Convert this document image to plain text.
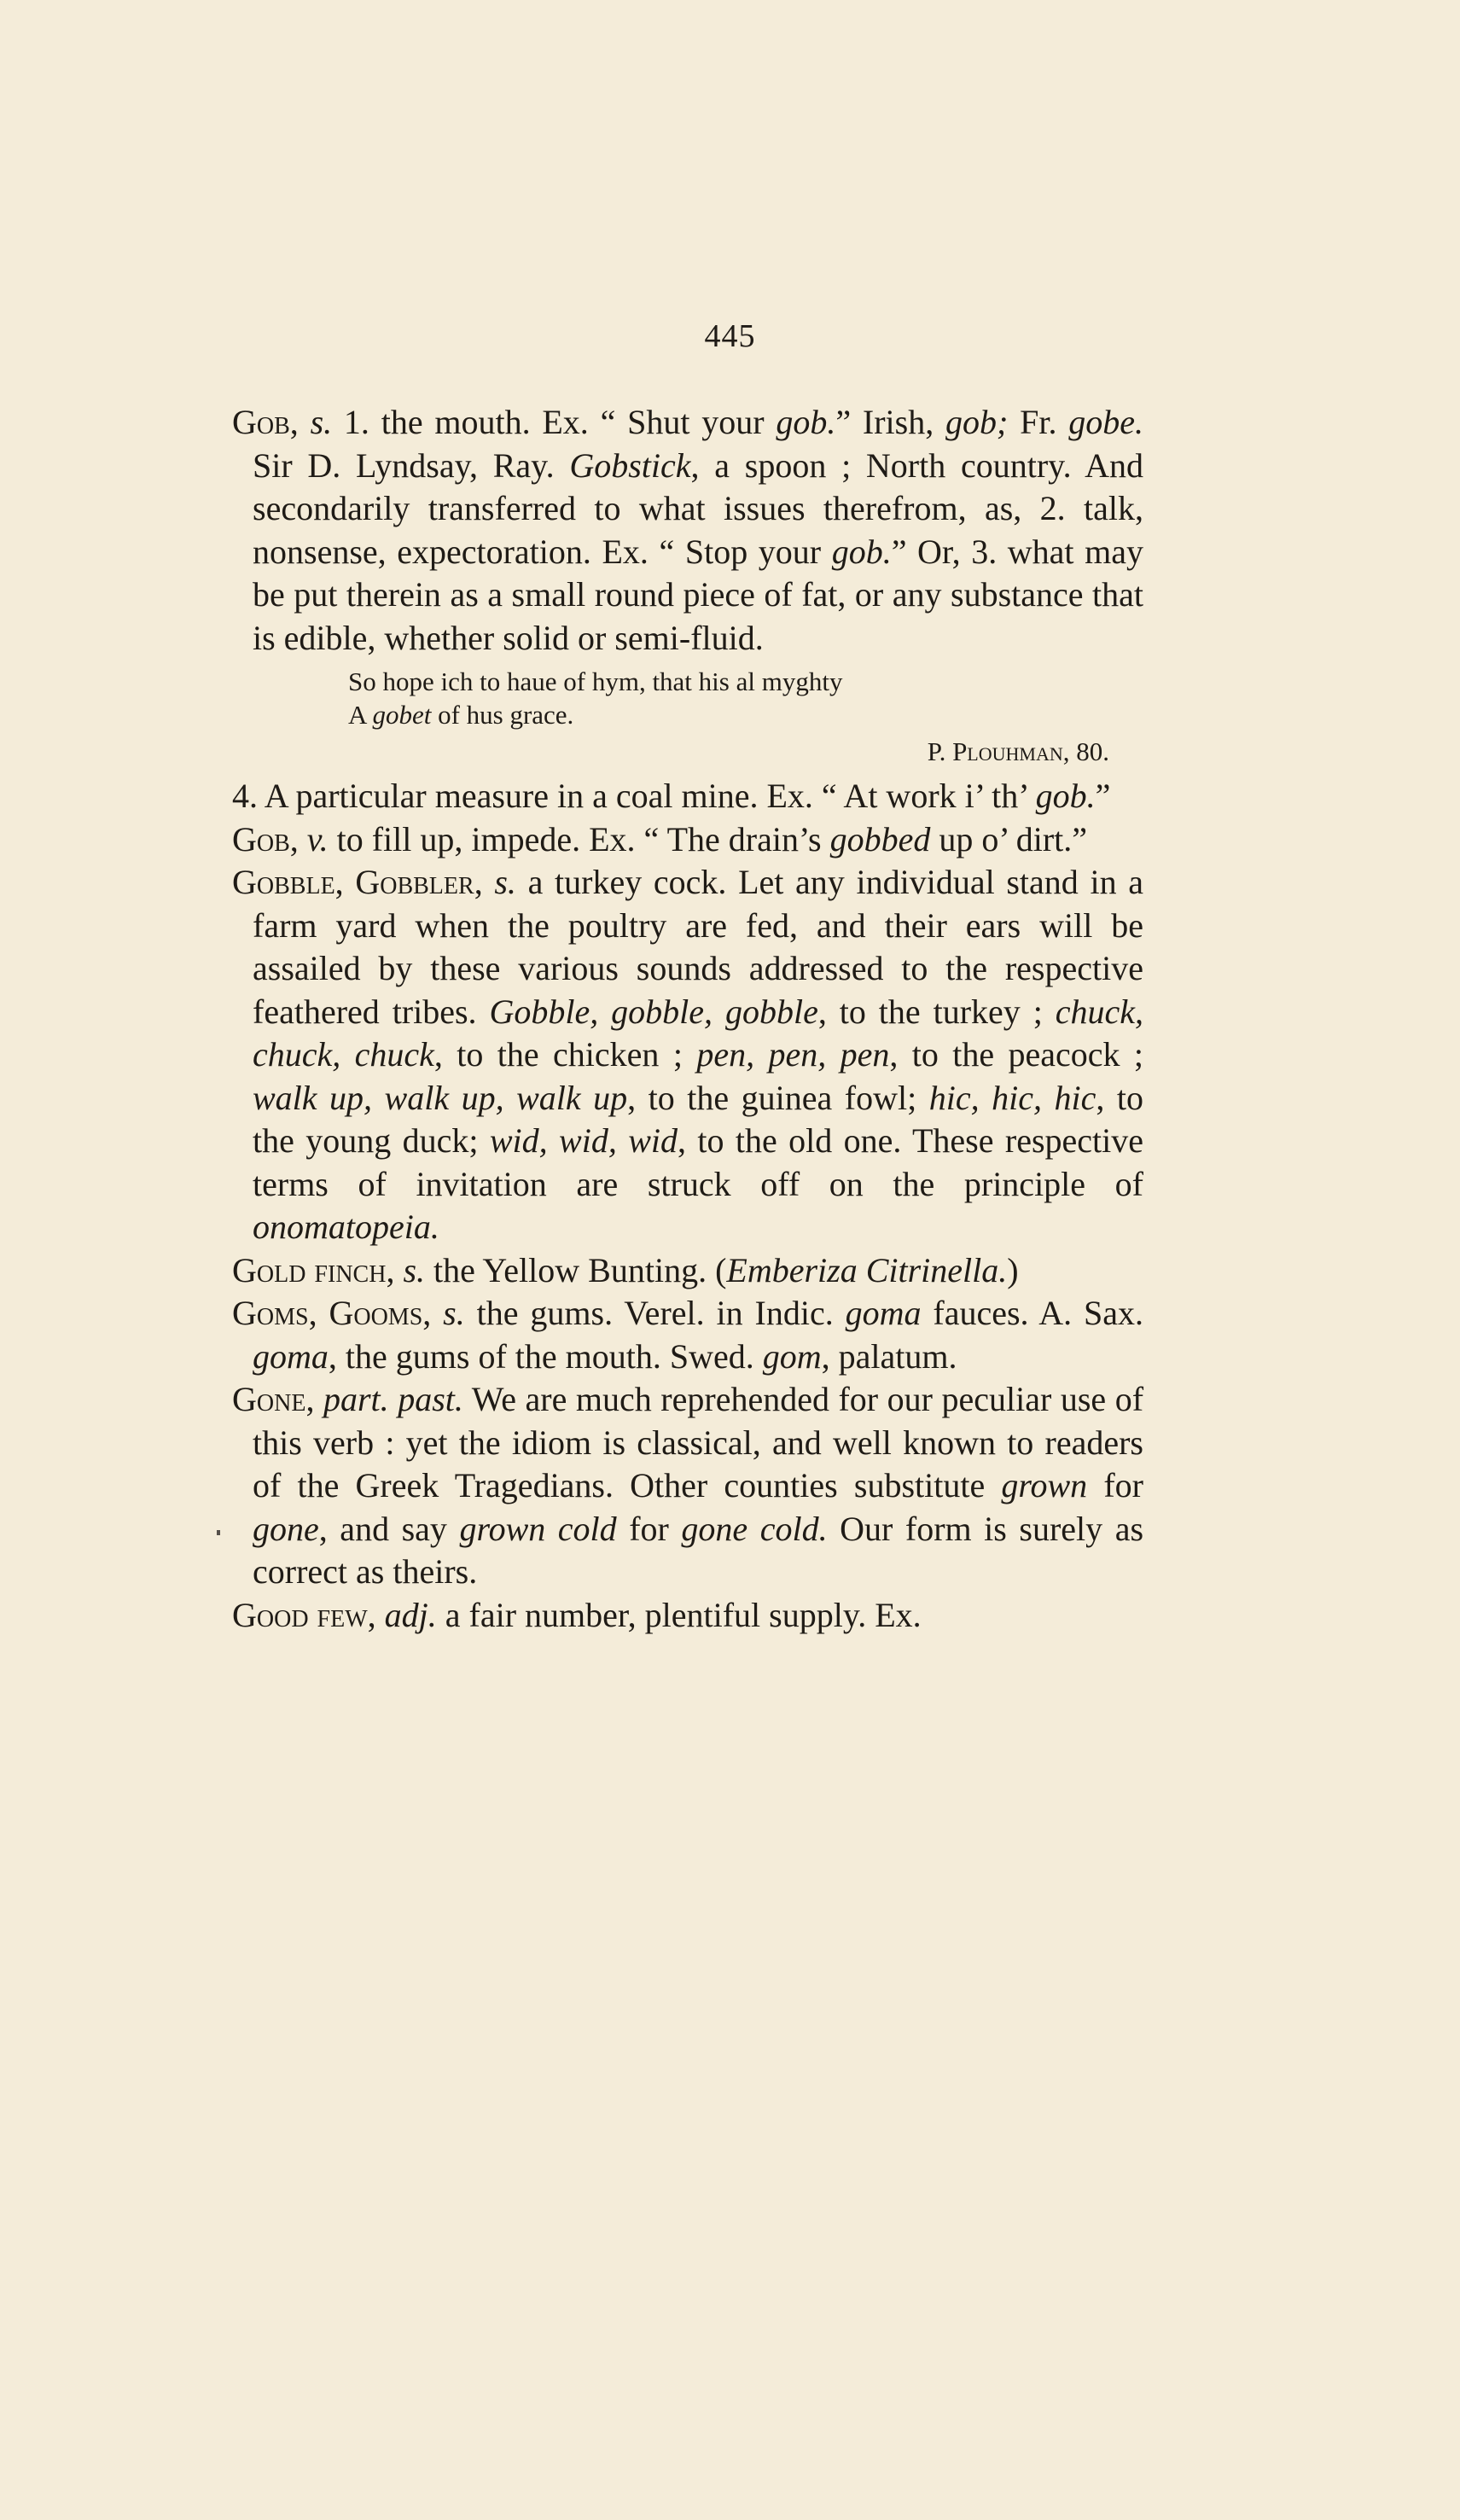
445

Gob, s. 1. the mouth. Ex. “ Shut your gob.” Irish, gob; Fr. gobe. Sir D. Lyndsay, Ray. Gobstick, a spoon ; North country. And secondarily transferred to what issues therefrom, as, 2. talk, nonsense, expectoration. Ex. “ Stop your gob.” Or, 3. what may be put therein as a small round piece of fat, or any substance that is edible, whether solid or semi-fluid.

So hope ich to haue of hym, that his al myghty
A gobet of hus grace.
P. Plouhman, 80.

4. A particular measure in a coal mine. Ex. “ At work i’ th’ gob.”

Gob, v. to fill up, impede. Ex. “ The drain’s gobbed up o’ dirt.”

Gobble, Gobbler, s. a turkey cock. Let any individual stand in a farm yard when the poultry are fed, and their ears will be assailed by these various sounds addressed to the respective feathered tribes. Gobble, gobble, gobble, to the turkey ; chuck, chuck, chuck, to the chicken ; pen, pen, pen, to the peacock ; walk up, walk up, walk up, to the guinea fowl; hic, hic, hic, to the young duck; wid, wid, wid, to the old one. These respective terms of invitation are struck off on the principle of onomatopeia.

Gold finch, s. the Yellow Bunting. (Emberiza Citrinella.)

Goms, Gooms, s. the gums. Verel. in Indic. goma fauces. A. Sax. goma, the gums of the mouth. Swed. gom, palatum.

Gone, part. past. We are much reprehended for our peculiar use of this verb : yet the idiom is classical, and well known to readers of the Greek Tragedians. Other counties substitute grown for gone, and say grown cold for gone cold. Our form is surely as correct as theirs.

Good few, adj. a fair number, plentiful supply. Ex.
